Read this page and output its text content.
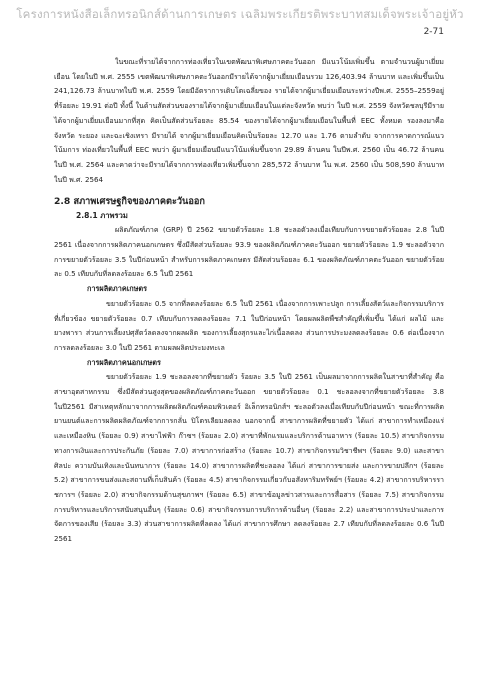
โครงการหนังสือเล็กทรอนิกส์ด้านการเกษตร เฉลิมพระเกียรติพระบาทสมเด็จพระเจ้าอยู่หัว
2-71

ในขณะที่รายได้จากการท่องเที่ยวในเขตพัฒนาพิเศษภาคตะวันออก มีแนวโน้มเพิ่มขึ้น ตามจำนวนผู้มาเยี่ยมเยือน โดยในปี พ.ศ. 2555 เขตพัฒนาพิเศษภาคตะวันออกมีรายได้จากผู้มาเยี่ยมเยือนรวม 126,403.94 ล้านบาท และเพิ่มขึ้นเป็น 241,126.73 ล้านบาทในปี พ.ศ. 2559 โดยมีอัตราการเติบโตเฉลี่ยของ รายได้จากผู้มาเยี่ยมเยือนระหว่างปีพ.ศ. 2555–2559อยู่ที่ร้อยละ 19.91 ต่อปี ทั้งนี้ ในด้านสัดส่วนของรายได้จากผู้มาเยี่ยมเยือนในแต่ละจังหวัด พบว่า ในปี พ.ศ. 2559 จังหวัดชลบุรีมีรายได้จากผู้มาเยี่ยมเยือนมากที่สุด คิดเป็นสัดส่วนร้อยละ 85.54 ของรายได้จากผู้มาเยี่ยมเยือนในพื้นที่ EEC ทั้งหมด รองลงมาคือ จังหวัด ระยอง และฉะเชิงเทรา มีรายได้ จากผู้มาเยี่ยมเยือนคิดเป็นร้อยละ 12.70 และ 1.76 ตามลำดับ จากการคาดการณ์แนวโน้มการ ท่องเที่ยวในพื้นที่ EEC พบว่า ผู้มาเยี่ยมเยือนมีแนวโน้มเพิ่มขึ้นจาก 29.89 ล้านคน ในปีพ.ศ. 2560 เป็น 46.72 ล้านคน ในปี พ.ศ. 2564 และคาดว่าจะมีรายได้จากการท่องเที่ยวเพิ่มขึ้นจาก 285,572 ล้านบาท ใน พ.ศ. 2560 เป็น 508,590 ล้านบาท ในปี พ.ศ. 2564

2.8 สภาพเศรษฐกิจของภาคตะวันออก
2.8.1 ภาพรวม

ผลิตภัณฑ์ภาค (GRP) ปี 2562 ขยายตัวร้อยละ 1.8 ชะลอตัวลงเมื่อเทียบกับการขยายตัวร้อยละ 2.8 ในปี 2561 เนื่องจากการผลิตภาคนอกเกษตร ซึ่งมีสัดส่วนร้อยละ 93.9 ของผลิตภัณฑ์ภาคตะวันออก ขยายตัวร้อยละ 1.9 ชะลอตัวจากการขยายตัวร้อยละ 3.5 ในปีก่อนหน้า สำหรับการผลิตภาคเกษตร มีสัดส่วนร้อยละ 6.1 ของผลิตภัณฑ์ภาคตะวันออก ขยายตัวร้อยละ 0.5 เทียบกับที่ลดลงร้อยละ 6.5 ในปี 2561

การผลิตภาคเกษตร

ขยายตัวร้อยละ 0.5 จากที่ลดลงร้อยละ 6.5 ในปี 2561 เนื่องจากการเพาะปลูก การเลี้ยงสัตว์และกิจกรรมบริการที่เกี่ยวข้อง ขยายตัวร้อยละ 0.7 เทียบกับการลดลงร้อยละ 7.1 ในปีก่อนหน้า โดยผลผลิตพืชสำคัญที่เพิ่มขึ้น ได้แก่ ผลไม้ และยางพารา ส่วนการเลี้ยงปศุสัตว์ลดลงจากผลผลิต ของการเลี้ยงสุกรและไก่เนื้อลดลง ส่วนการประมงลดลงร้อยละ 0.6 ต่อเนื่องจากการลดลงร้อยละ 3.0 ในปี 2561 ตามผลผลิตประมงทะเล

การผลิตภาคนอกเกษตร

ขยายตัวร้อยละ 1.9 ชะลอลงจากที่ขยายตัว ร้อยละ 3.5 ในปี 2561 เป็นผลมาจากการผลิตในสาขาที่สำคัญ คือ สาขาอุตสาหกรรม ซึ่งมีสัดส่วนสูงสุดของผลิตภัณฑ์ภาคตะวันออก ขยายตัวร้อยละ 0.1 ชะลอลงจากที่ขยายตัวร้อยละ 3.8 ในปี2561 มีสาเหตุหลักมาจากการผลิตผลิตภัณฑ์คอมพิวเตอร์ อิเล็กทรอนิกส์ฯ ชะลอตัวลงเมื่อเทียบกับปีก่อนหน้า ขณะที่การผลิตยานยนต์และการผลิตผลิตภัณฑ์จากการกลั่น ปิโตรเลียมลดลง นอกจากนี้ สาขาการผลิตที่ขยายตัว ได้แก่ สาขาการทำเหมืองแร่และเหมืองหิน (ร้อยละ 0.9) สาขาไฟฟ้า ก๊าซฯ (ร้อยละ 2.0) สาขาที่พักแรมและบริการด้านอาหาร (ร้อยละ 10.5) สาขากิจกรรมทางการเงินและการประกันภัย (ร้อยละ 7.0) สาขาการก่อสร้าง (ร้อยละ 10.7) สาขากิจกรรมวิชาชีพฯ (ร้อยละ 9.0) และสาขาศิลปะ ความบันเทิงและนันทนาการ (ร้อยละ 14.0) สาขาการผลิตที่ชะลอลง ได้แก่ สาขาการขายส่ง และการขายปลีกฯ (ร้อยละ 5.2) สาขาการขนส่งและสถานที่เก็บสินค้า (ร้อยละ 4.5) สาขากิจกรรมเกี่ยวกับอสังหาริมทรัพย์ฯ (ร้อยละ 4.2) สาขาการบริหารราชการฯ (ร้อยละ 2.0) สาขากิจกรรมด้านสุขภาพฯ (ร้อยละ 6.5) สาขาข้อมูลข่าวสารและการสื่อสาร (ร้อยละ 7.5) สาขากิจกรรมการบริหารและบริการสนับสนุนอื่นๆ (ร้อยละ 0.6) สาขากิจกรรมการบริการด้านอื่นๆ (ร้อยละ 2.2) และสาขาการประปาและการจัดการของเสีย (ร้อยละ 3.3) ส่วนสาขาการผลิตที่ลดลง ได้แก่ สาขาการศึกษา ลดลงร้อยละ 2.7 เทียบกับที่ลดลงร้อยละ 0.6 ในปี 2561
